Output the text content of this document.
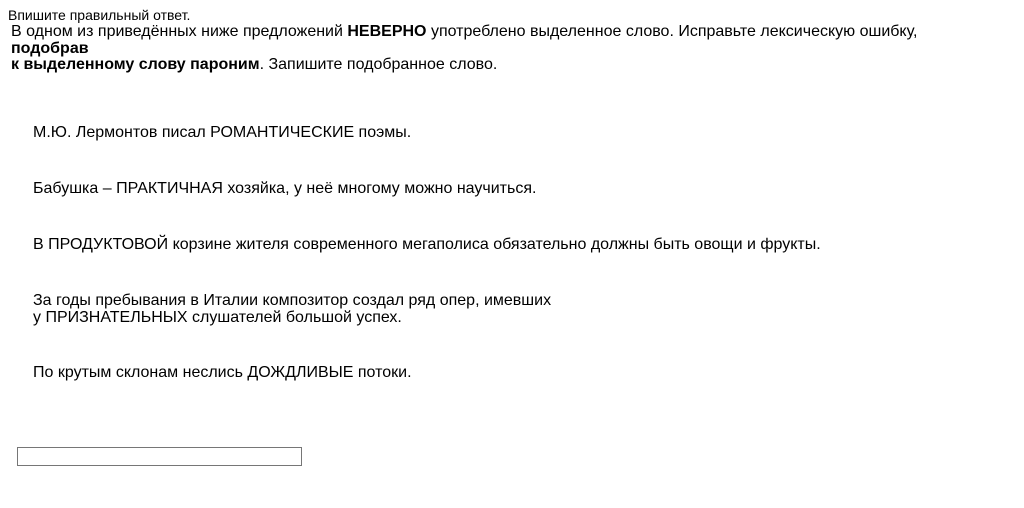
Впишите правильный ответ.
В одном из приведённых ниже предложений НЕВЕРНО употреблено выделенное слово. Исправьте лексическую ошибку,
подобрав
к выделенному слову пароним. Запишите подобранное слово.
М.Ю. Лермонтов писал РОМАНТИЧЕСКИЕ поэмы.
Бабушка – ПРАКТИЧНАЯ хозяйка, у неё многому можно научиться.
В ПРОДУКТОВОЙ корзине жителя современного мегаполиса обязательно должны быть овощи и фрукты.
За годы пребывания в Италии композитор создал ряд опер, имевших
у ПРИЗНАТЕЛЬНЫХ слушателей большой успех.
По крутым склонам неслись ДОЖДЛИВЫЕ потоки.
